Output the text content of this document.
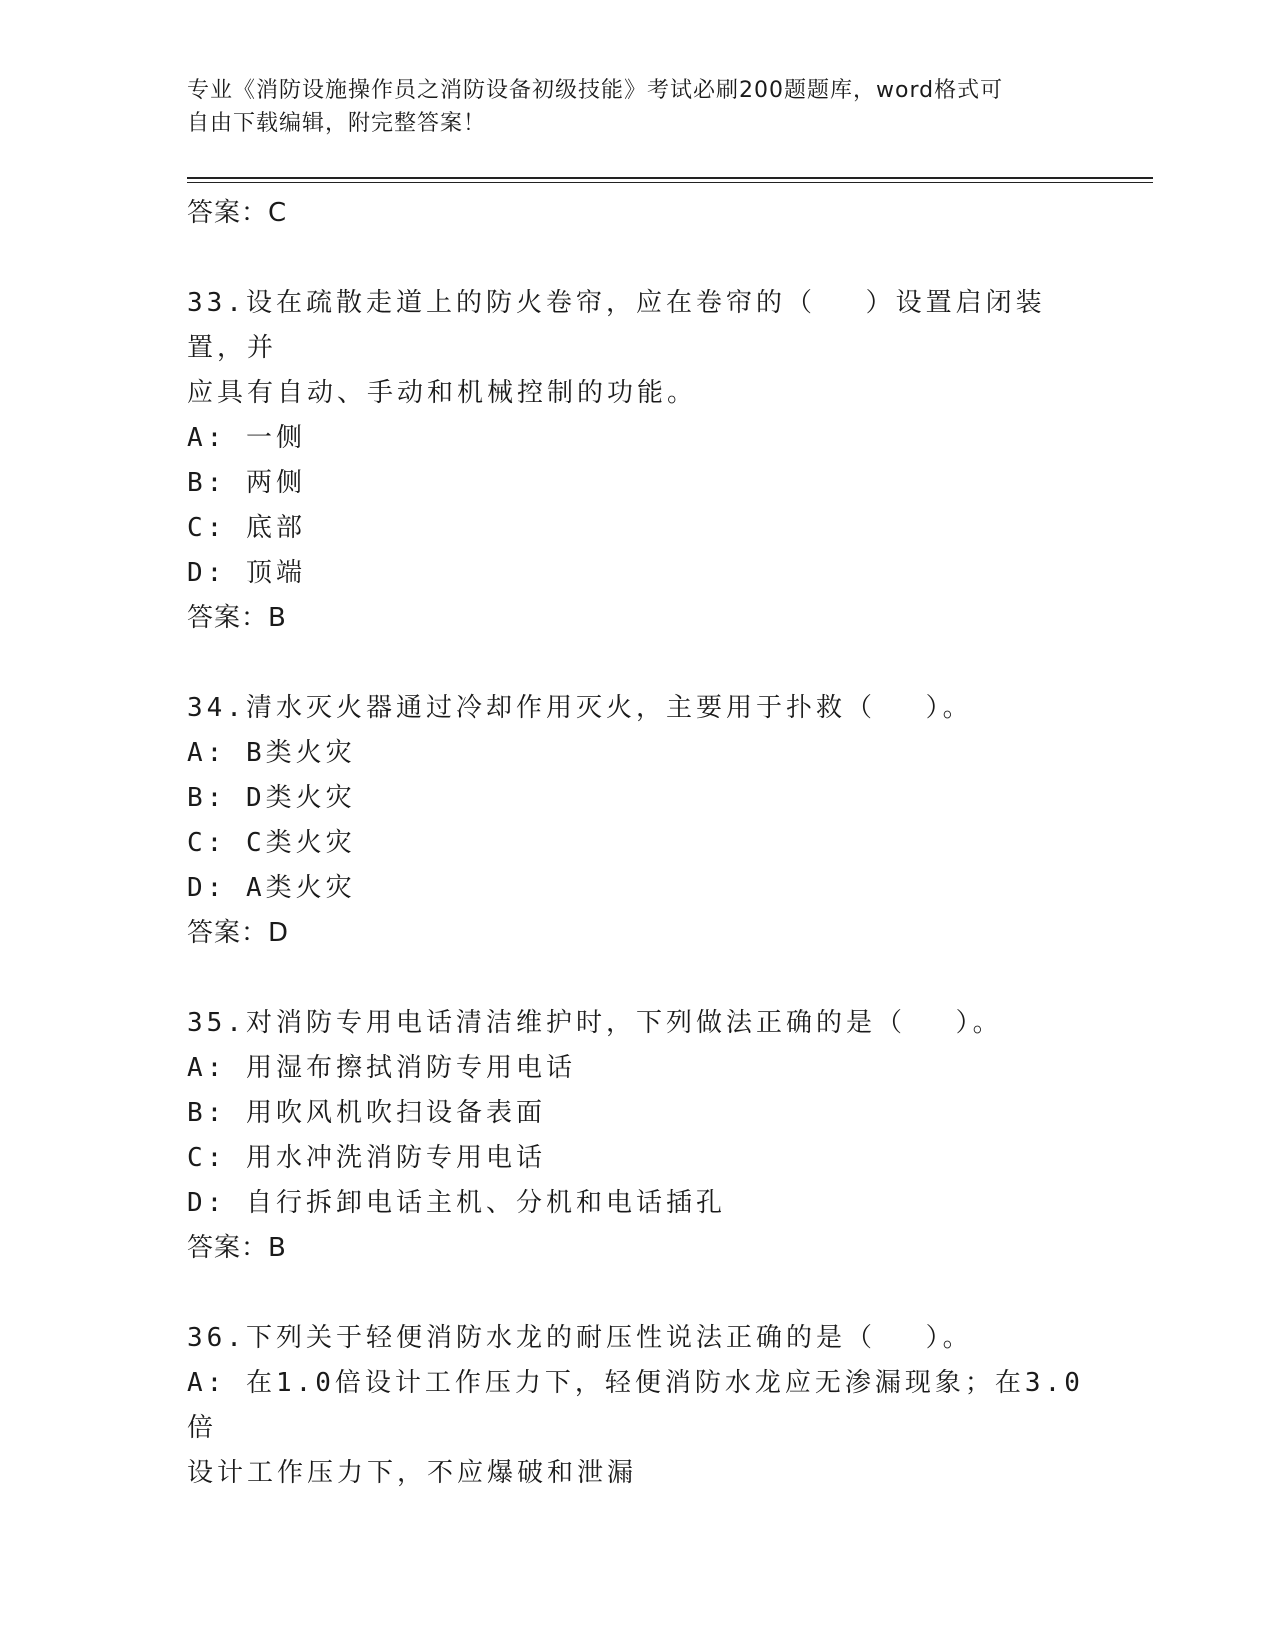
专业《消防设施操作员之消防设备初级技能》考试必刷200题题库，word格式可
自由下载编辑，附完整答案！
答案：C
33.设在疏散走道上的防火卷帘，应在卷帘的（　 ）设置启闭装置，并
应具有自动、手动和机械控制的功能。
A: 一侧
B: 两侧
C: 底部
D: 顶端
答案：B
34.清水灭火器通过冷却作用灭火，主要用于扑救（　 ）。
A: B类火灾
B: D类火灾
C: C类火灾
D: A类火灾
答案：D
35.对消防专用电话清洁维护时，下列做法正确的是（　 ）。
A: 用湿布擦拭消防专用电话
B: 用吹风机吹扫设备表面
C: 用水冲洗消防专用电话
D: 自行拆卸电话主机、分机和电话插孔
答案：B
36.下列关于轻便消防水龙的耐压性说法正确的是（　 ）。
A: 在1.0倍设计工作压力下，轻便消防水龙应无渗漏现象；在3.0倍
设计工作压力下，不应爆破和泄漏
